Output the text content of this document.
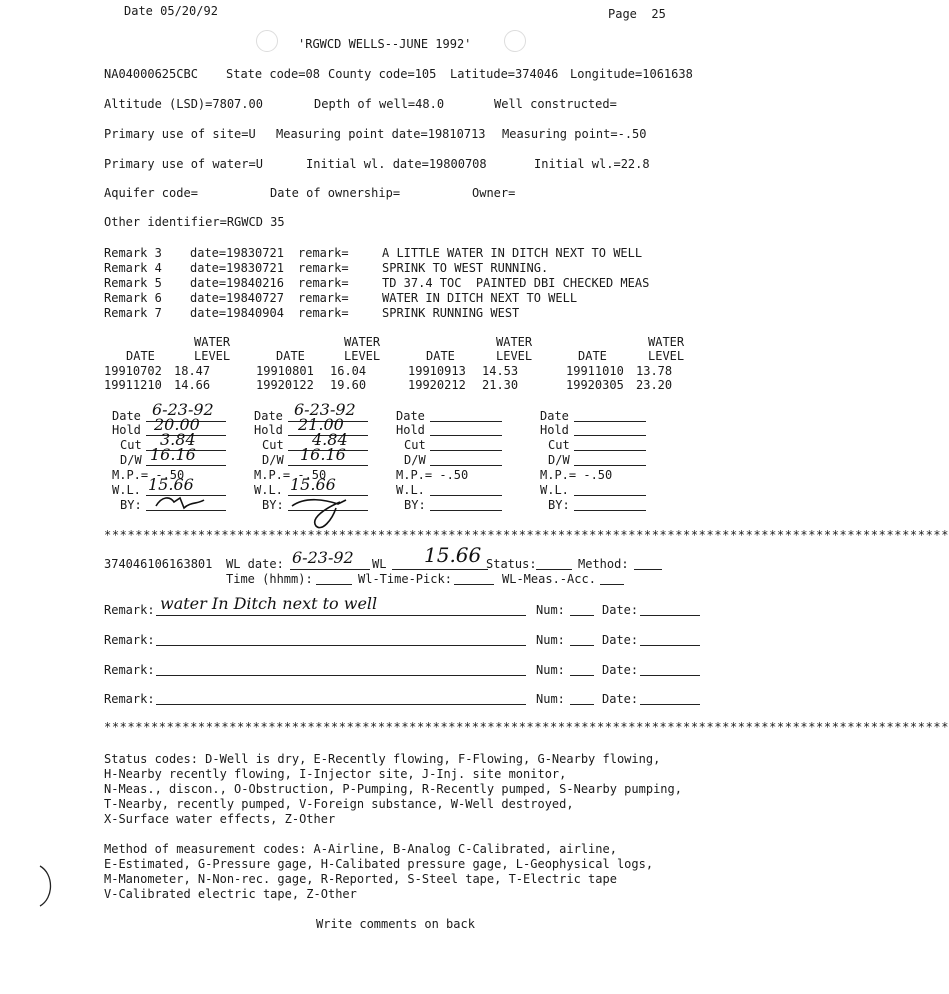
Date 05/20/92	Page  25
'RGWCD WELLS--JUNE 1992'
NA04000625CBC State code=08 County code=105 Latitude=374046 Longitude=1061638
Altitude (LSD)=7807.00	Depth of well=48.0	Well constructed=
Primary use of site=U Measuring point date=19810713 Measuring point=-.50
Primary use of water=U	Initial wl. date=19800708	Initial wl.=22.8
Aquifer code=	Date of ownership=	Owner=
Other identifier=RGWCD 35
Remark 3 date=19830721 remark=	A LITTLE WATER IN DITCH NEXT TO WELL
Remark 4 date=19830721 remark=	SPRINK TO WEST RUNNING.
Remark 5 date=19840216 remark=	TD 37.4 TOC  PAINTED DBI CHECKED MEAS
Remark 6 date=19840727 remark=	WATER IN DITCH NEXT TO WELL
Remark 7 date=19840904 remark=	SPRINK RUNNING WEST
WATER	WATER	WATER	WATER
DATE	LEVEL	DATE	LEVEL	DATE	LEVEL	DATE	LEVEL
19910702 18.47	19910801 16.04	19910913 14.53	19911010 13.78
19911210 14.66	19920122 19.60	19920212 21.30	19920305 23.20
Date 6-23-92
Hold 20.00
Cut 3.84
D/W 16.16
M.P.= -.50
W.L. 15.66
BY:
Date 6-23-92
Hold 21.00
Cut 4.84
D/W 16.16
M.P.= -.50
W.L. 15.66
BY:
Date
Hold
Cut
D/W
M.P.= -.50
W.L.
BY:
Date
Hold
Cut
D/W
M.P.= -.50
W.L.
BY:
************************************************************************************************************
374046106163801 WL date: 6-23-92 WL 15.66 Status:	Method:
Time (hhmm):	Wl-Time-Pick:	WL-Meas.-Acc.
Remark: water In Ditch next to well	Num:	Date:
Remark:	Num:	Date:
Remark:	Num:	Date:
Remark:	Num:	Date:
************************************************************************************************************
Status codes: D-Well is dry, E-Recently flowing, F-Flowing, G-Nearby flowing,
H-Nearby recently flowing, I-Injector site, J-Inj. site monitor,
N-Meas., discon., O-Obstruction, P-Pumping, R-Recently pumped, S-Nearby pumping,
T-Nearby, recently pumped, V-Foreign substance, W-Well destroyed,
X-Surface water effects, Z-Other
Method of measurement codes: A-Airline, B-Analog C-Calibrated, airline,
E-Estimated, G-Pressure gage, H-Calibated pressure gage, L-Geophysical logs,
M-Manometer, N-Non-rec. gage, R-Reported, S-Steel tape, T-Electric tape
V-Calibrated electric tape, Z-Other
Write comments on back
